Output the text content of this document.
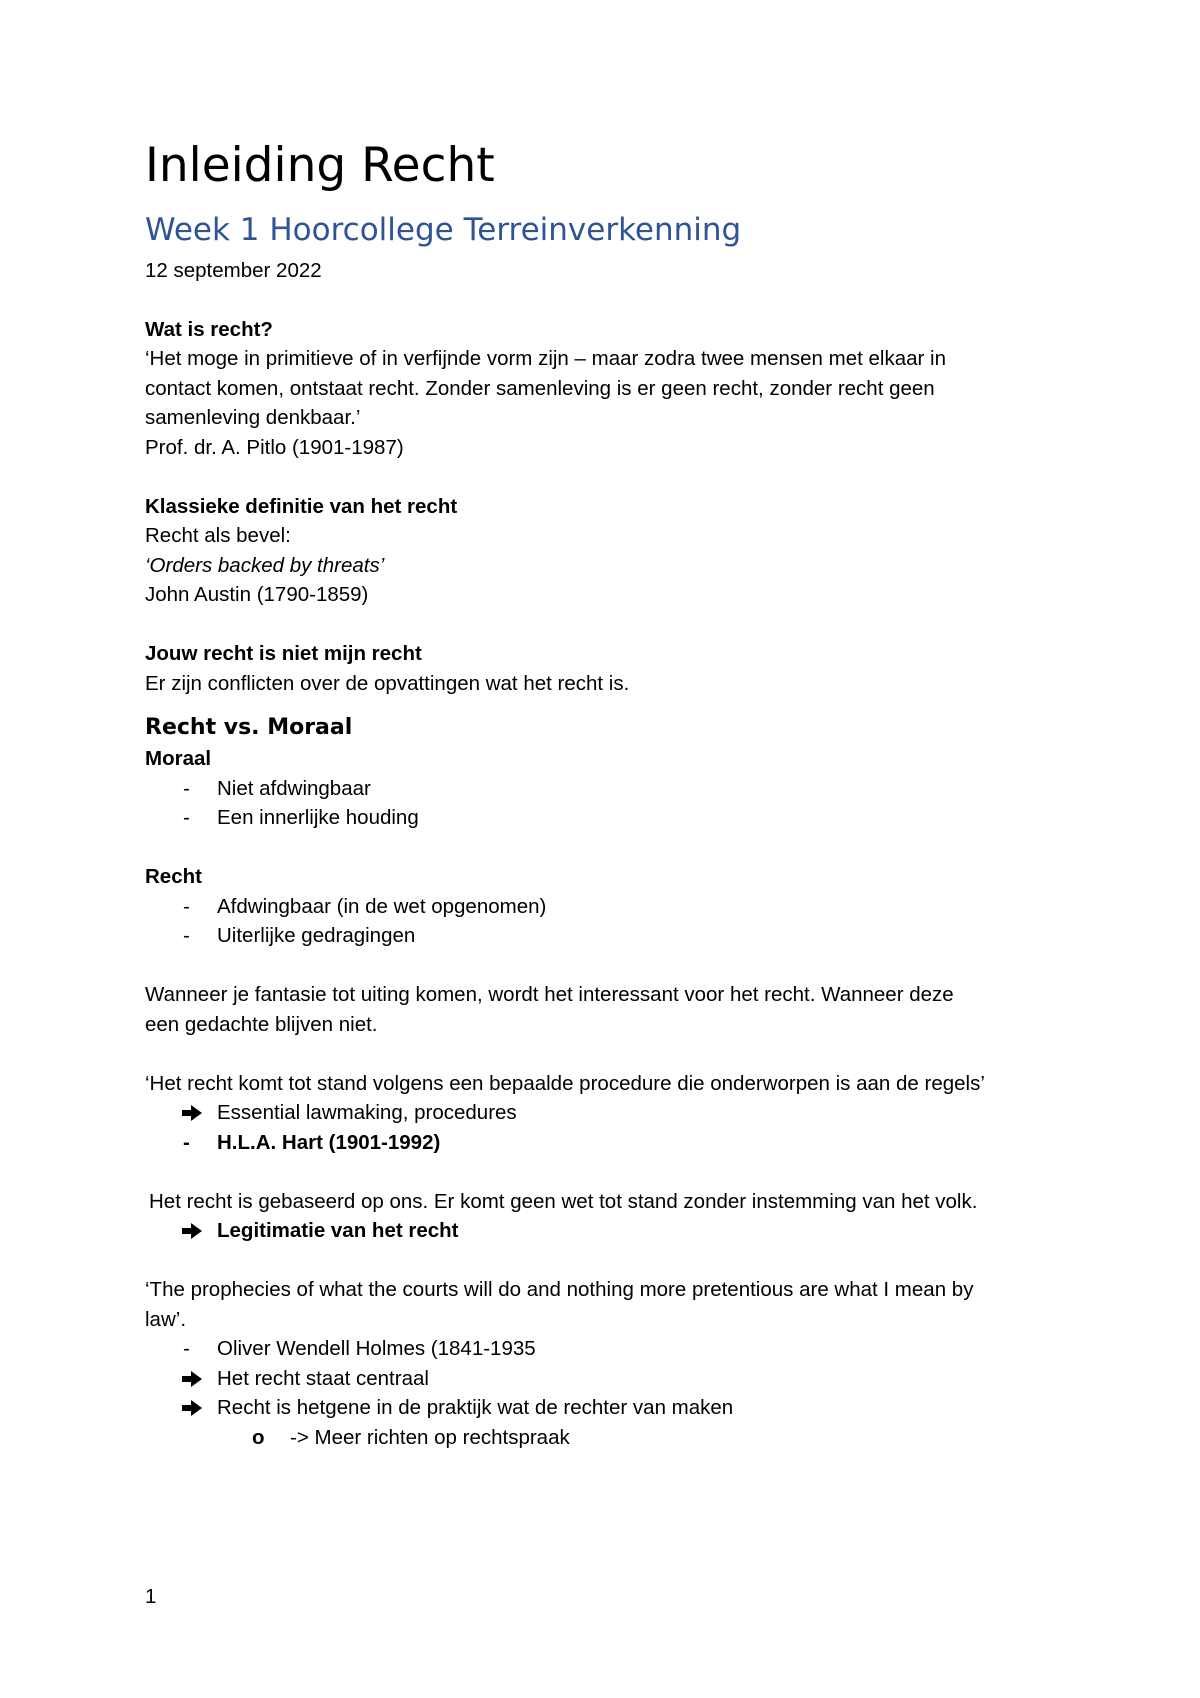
Inleiding Recht
Week 1 Hoorcollege Terreinverkenning

12 september 2022

Wat is recht?

‘Het moge in primitieve of in verfijnde vorm zijn – maar zodra twee mensen met elkaar in

contact komen, ontstaat recht. Zonder samenleving is er geen recht, zonder recht geen

samenleving denkbaar.’

Prof. dr. A. Pitlo (1901-1987)

Klassieke definitie van het recht

Recht als bevel:

‘Orders backed by threats’

John Austin (1790-1859)

Jouw recht is niet mijn recht

Er zijn conflicten over de opvattingen wat het recht is.

Recht vs. Moraal

Moraal

-	Niet afdwingbaar
-	Een innerlijke houding

Recht

-	Afdwingbaar (in de wet opgenomen)
-	Uiterlijke gedragingen

Wanneer je fantasie tot uiting komen, wordt het interessant voor het recht. Wanneer deze

een gedachte blijven niet.

‘Het recht komt tot stand volgens een bepaalde procedure die onderworpen is aan de regels’

Essential lawmaking, procedures
-	H.L.A. Hart (1901-1992)

Het recht is gebaseerd op ons. Er komt geen wet tot stand zonder instemming van het volk.

Legitimatie van het recht

‘The prophecies of what the courts will do and nothing more pretentious are what I mean by

law’.

-	Oliver Wendell Holmes (1841-1935
Het recht staat centraal
Recht is hetgene in de praktijk wat de rechter van maken
o -> Meer richten op rechtspraak
1
